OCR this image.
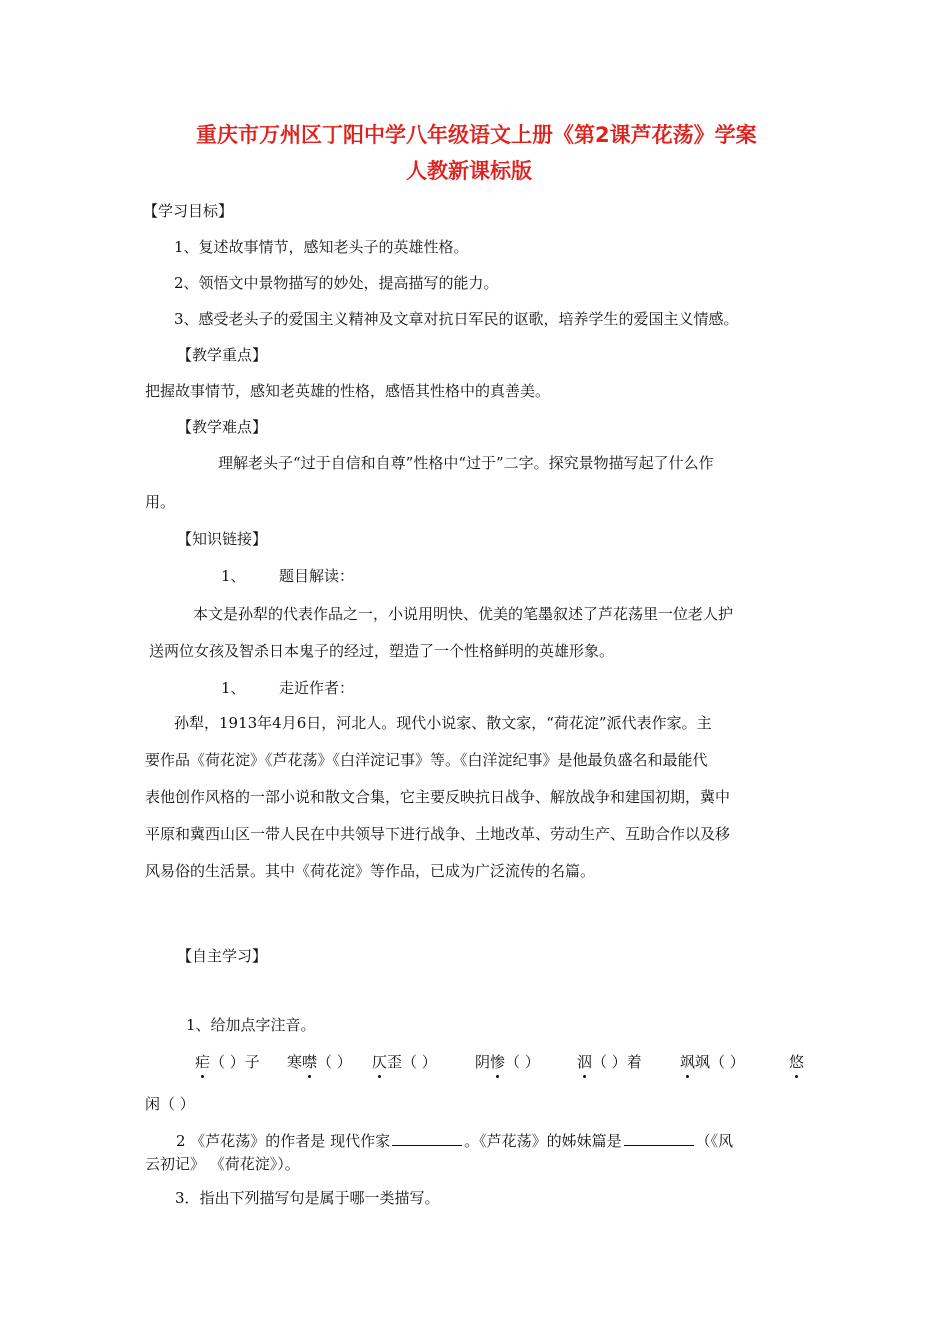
重庆市万州区丁阳中学八年级语文上册《第2课芦花荡》学案
人教新课标版
【学习目标】
1、复述故事情节，感知老头子的英雄性格。
2、领悟文中景物描写的妙处，提高描写的能力。
3、感受老头子的爱国主义精神及文章对抗日军民的讴歌，培养学生的爱国主义情感。
【教学重点】
把握故事情节，感知老英雄的性格，感悟其性格中的真善美。
【教学难点】
理解老头子“过于自信和自尊”性格中“过于”二字。探究景物描写起了什么作
用。
【知识链接】
1、 题目解读：
本文是孙犁的代表作品之一，小说用明快、优美的笔墨叙述了芦花荡里一位老人护
送两位女孩及智杀日本鬼子的经过，塑造了一个性格鲜明的英雄形象。
1、 走近作者：
孙犁，1913年4月6日，河北人。现代小说家、散文家，“荷花淀”派代表作家。主
要作品《荷花淀》《芦花荡》《白洋淀记事》等。《白洋淀纪事》是他最负盛名和最能代
表他创作风格的一部小说和散文合集，它主要反映抗日战争、解放战争和建国初期，冀中
平原和冀西山区一带人民在中共领导下进行战争、土地改革、劳动生产、互助合作以及移
风易俗的生活景。其中《荷花淀》等作品，已成为广泛流传的名篇。
【自主学习】
1、给加点字注音。
疟（ ）子 寒噤（ ） 仄歪（ ）	阴惨（ ） 泅（ ）着	飒飒（ ）	悠
闲（ ）
2 《芦花荡》的作者是 现代作家	。《芦花荡》的姊妹篇是	（《风
云初记》 《荷花淀》）。
3．指出下列描写句是属于哪一类描写。
